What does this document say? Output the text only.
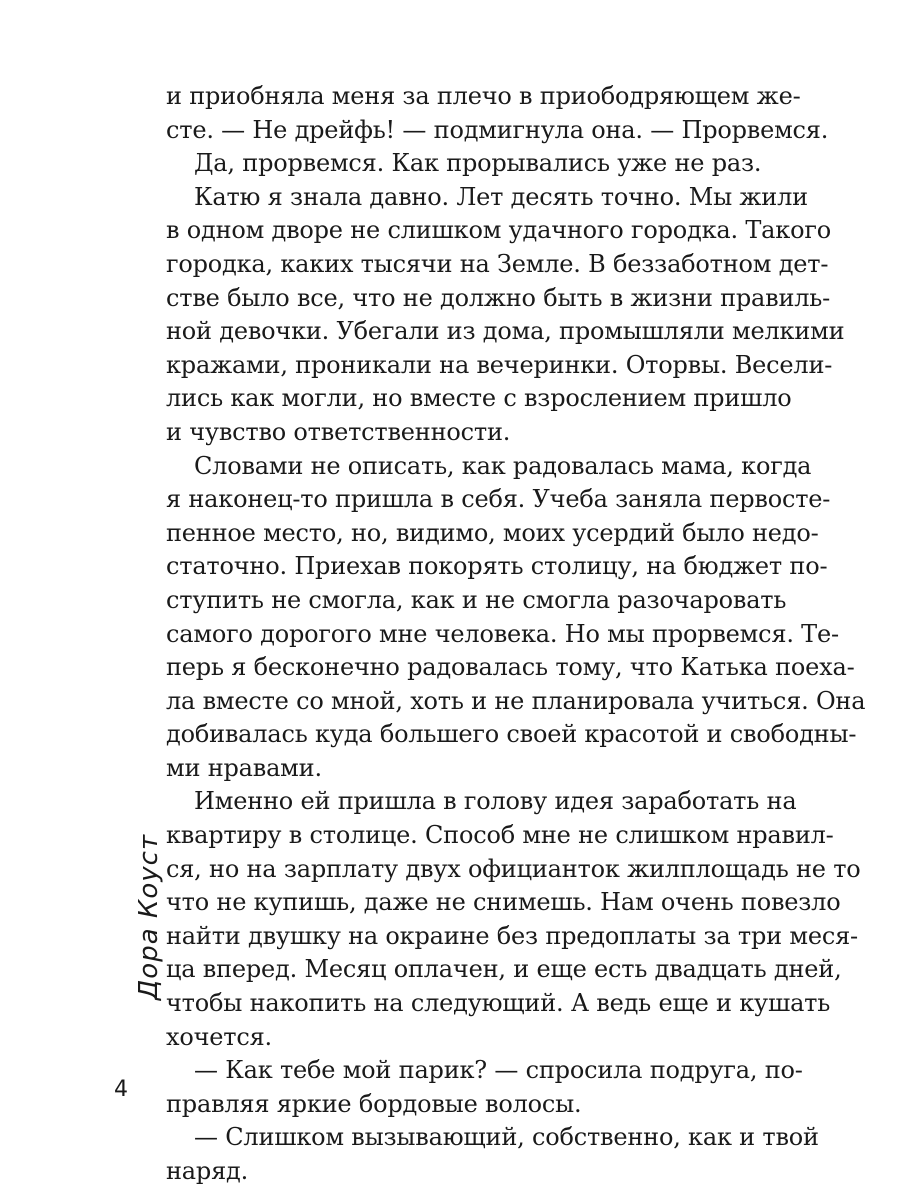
и приобняла меня за плечо в приободряющем же-
сте. — Не дрейфь! — подмигнула она. — Прорвемся.
Да, прорвемся. Как прорывались уже не раз.
Катю я знала давно. Лет десять точно. Мы жили
в одном дворе не слишком удачного городка. Такого
городка, каких тысячи на Земле. В беззаботном дет-
стве было все, что не должно быть в жизни правиль-
ной девочки. Убегали из дома, промышляли мелкими
кражами, проникали на вечеринки. Оторвы. Весели-
лись как могли, но вместе с взрослением пришло
и чувство ответственности.
Словами не описать, как радовалась мама, когда
я наконец-то пришла в себя. Учеба заняла первосте-
пенное место, но, видимо, моих усердий было недо-
статочно. Приехав покорять столицу, на бюджет по-
ступить не смогла, как и не смогла разочаровать
самого дорогого мне человека. Но мы прорвемся. Те-
перь я бесконечно радовалась тому, что Катька поеха-
ла вместе со мной, хоть и не планировала учиться. Она
добивалась куда большего своей красотой и свободны-
ми нравами.
Именно ей пришла в голову идея заработать на
квартиру в столице. Способ мне не слишком нравил-
ся, но на зарплату двух официанток жилплощадь не то
что не купишь, даже не снимешь. Нам очень повезло
найти двушку на окраине без предоплаты за три меся-
ца вперед. Месяц оплачен, и еще есть двадцать дней,
чтобы накопить на следующий. А ведь еще и кушать
хочется.
— Как тебе мой парик? — спросила подруга, по-
правляя яркие бордовые волосы.
— Слишком вызывающий, собственно, как и твой
наряд.
Дора Коуст
4
